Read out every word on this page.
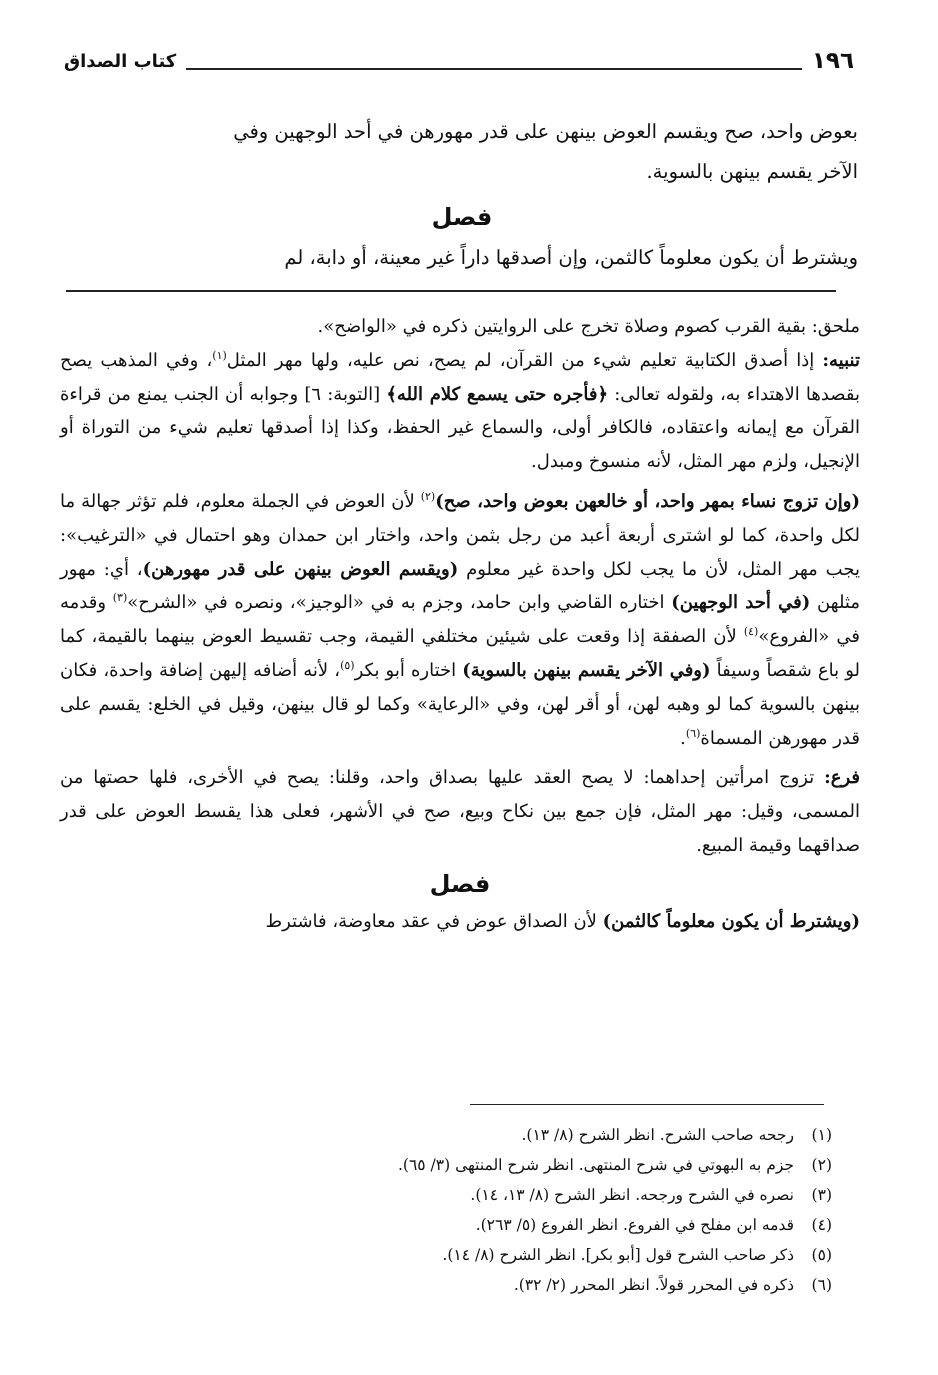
١٩٦
كتاب الصداق

بعوض واحد، صح ويقسم العوض بينهن على قدر مهورهن في أحد الوجهين وفي

الآخر يقسم بينهن بالسوية.

فصل

ويشترط أن يكون معلوماً كالثمن، وإن أصدقها داراً غير معينة، أو دابة، لم

ملحق: بقية القرب كصوم وصلاة تخرج على الروايتين ذكره في «الواضح».

تنبيه: إذا أصدق الكتابية تعليم شيء من القرآن، لم يصح، نص عليه، ولها مهر المثل$^{(١)}$، وفي المذهب يصح بقصدها الاهتداء به، ولقوله تعالى: ﴿فأجره حتى يسمع كلام الله﴾ [التوبة: ٦] وجوابه أن الجنب يمنع من قراءة القرآن مع إيمانه واعتقاده، فالكافر أولى، والسماع غير الحفظ، وكذا إذا أصدقها تعليم شيء من التوراة أو الإنجيل، ولزم مهر المثل، لأنه منسوخ ومبدل.

(وإن تزوج نساء بمهر واحد، أو خالعهن بعوض واحد، صح)$^{(٢)}$ لأن العوض في الجملة معلوم، فلم تؤثر جهالة ما لكل واحدة، كما لو اشترى أربعة أعبد من رجل بثمن واحد، واختار ابن حمدان وهو احتمال في «الترغيب»: يجب مهر المثل، لأن ما يجب لكل واحدة غير معلوم (ويقسم العوض بينهن على قدر مهورهن)، أي: مهور مثلهن (في أحد الوجهين) اختاره القاضي وابن حامد، وجزم به في «الوجيز»، ونصره في «الشرح»$^{(٣)}$ وقدمه في «الفروع»$^{(٤)}$ لأن الصفقة إذا وقعت على شيئين مختلفي القيمة، وجب تقسيط العوض بينهما بالقيمة، كما لو باع شقصاً وسيفاً (وفي الآخر يقسم بينهن بالسوية) اختاره أبو بكر$^{(٥)}$، لأنه أضافه إليهن إضافة واحدة، فكان بينهن بالسوية كما لو وهبه لهن، أو أقر لهن، وفي «الرعاية» وكما لو قال بينهن، وقيل في الخلع: يقسم على قدر مهورهن المسماة$^{(٦)}$.

فرع: تزوج امرأتين إحداهما: لا يصح العقد عليها بصداق واحد، وقلنا: يصح في الأخرى، فلها حصتها من المسمى، وقيل: مهر المثل، فإن جمع بين نكاح وبيع، صح في الأشهر، فعلى هذا يقسط العوض على قدر صداقهما وقيمة المبيع.

فصل

(ويشترط أن يكون معلوماً كالثمن) لأن الصداق عوض في عقد معاوضة، فاشترط

(١)رجحه صاحب الشرح. انظر الشرح (٨/ ١٣).
(٢)جزم به البهوتي في شرح المنتهى. انظر شرح المنتهى (٣/ ٦٥).
(٣)نصره في الشرح ورجحه. انظر الشرح (٨/ ١٣، ١٤).
(٤)قدمه ابن مفلح في الفروع. انظر الفروع (٥/ ٢٦٣).
(٥)ذكر صاحب الشرح قول [أبو بكر]. انظر الشرح (٨/ ١٤).
(٦)ذكره في المحرر قولاً. انظر المحرر (٢/ ٣٢).
